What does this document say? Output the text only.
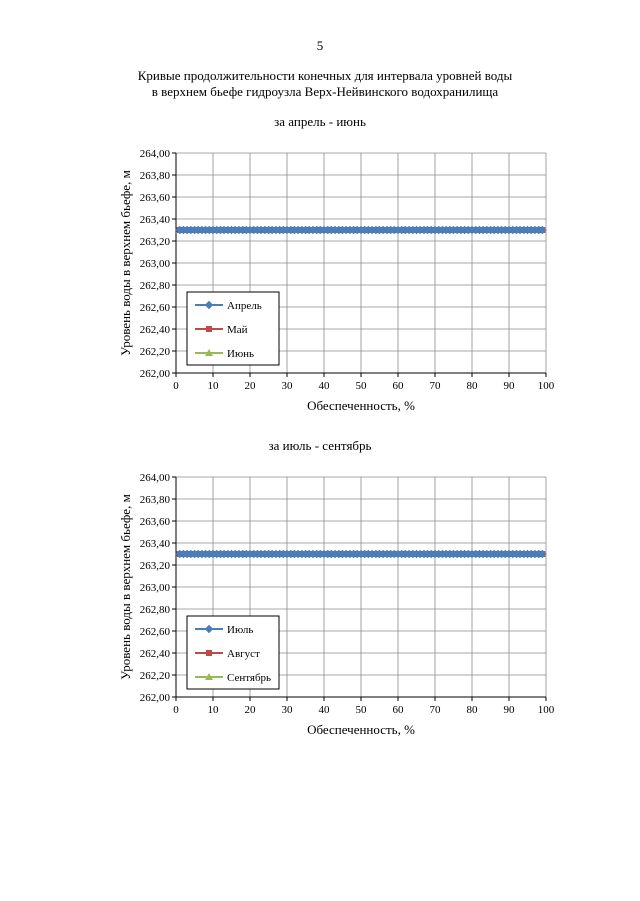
5
Кривые продолжительности конечных для интервала уровней воды
в верхнем бьефе гидроузла Верх-Нейвинского водохранилища
за апрель - июнь
264,00
263,80
263,60
263,40
263,20
263,00
262,80
262,60
262,40
262,20
262,00
0	10 20 30 40 50 60 70 80 90 100
Обеспеченность, %
Уровень воды в верхнем бьефе, м	Апрель
Май
Июнь
за июль - сентябрь
264,00
263,80
263,60
263,40
263,20
263,00
262,80
262,60
262,40
262,20
262,00
0	10 20 30 40 50 60 70 80 90 100
Обеспеченность, %
Уровень воды в верхнем бьефе, м	Июль
Август
Сентябрь
